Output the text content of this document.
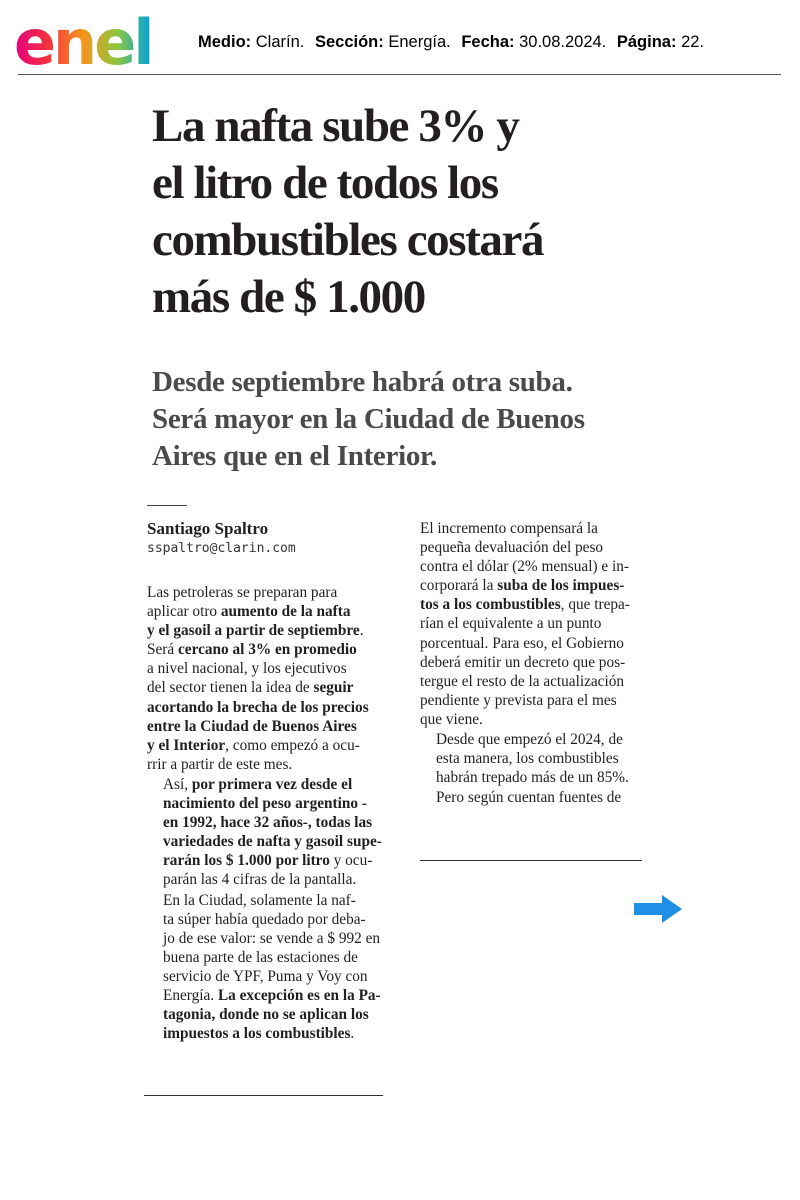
enel	Medio: Clarín. Sección: Energía. Fecha: 30.08.2024. Página: 22.
La nafta sube 3% y
el litro de todos los
combustibles costará
más de $ 1.000
Desde septiembre habrá otra suba.
Será mayor en la Ciudad de Buenos
Aires que en el Interior.
Santiago Spaltro
sspaltro@clarin.com

Las petroleras se preparan para
aplicar otro aumento de la nafta
y el gasoil a partir de septiembre.
Será cercano al 3% en promedio
a nivel nacional, y los ejecutivos
del sector tienen la idea de seguir
acortando la brecha de los precios
entre la Ciudad de Buenos Aires
y el Interior, como empezó a ocu-
rrir a partir de este mes.

Así, por primera vez desde el
nacimiento del peso argentino -
en 1992, hace 32 años-, todas las
variedades de nafta y gasoil supe-
rarán los $ 1.000 por litro y ocu-
parán las 4 cifras de la pantalla.

En la Ciudad, solamente la naf-
ta súper había quedado por deba-
jo de ese valor: se vende a $ 992 en
buena parte de las estaciones de
servicio de YPF, Puma y Voy con
Energía. La excepción es en la Pa-
tagonia, donde no se aplican los
impuestos a los combustibles.

El incremento compensará la
pequeña devaluación del peso
contra el dólar (2% mensual) e in-
corporará la suba de los impues-
tos a los combustibles, que trepa-
rían el equivalente a un punto
porcentual. Para eso, el Gobierno
deberá emitir un decreto que pos-
tergue el resto de la actualización
pendiente y prevista para el mes
que viene.

Desde que empezó el 2024, de
esta manera, los combustibles
habrán trepado más de un 85%.

Pero según cuentan fuentes de
